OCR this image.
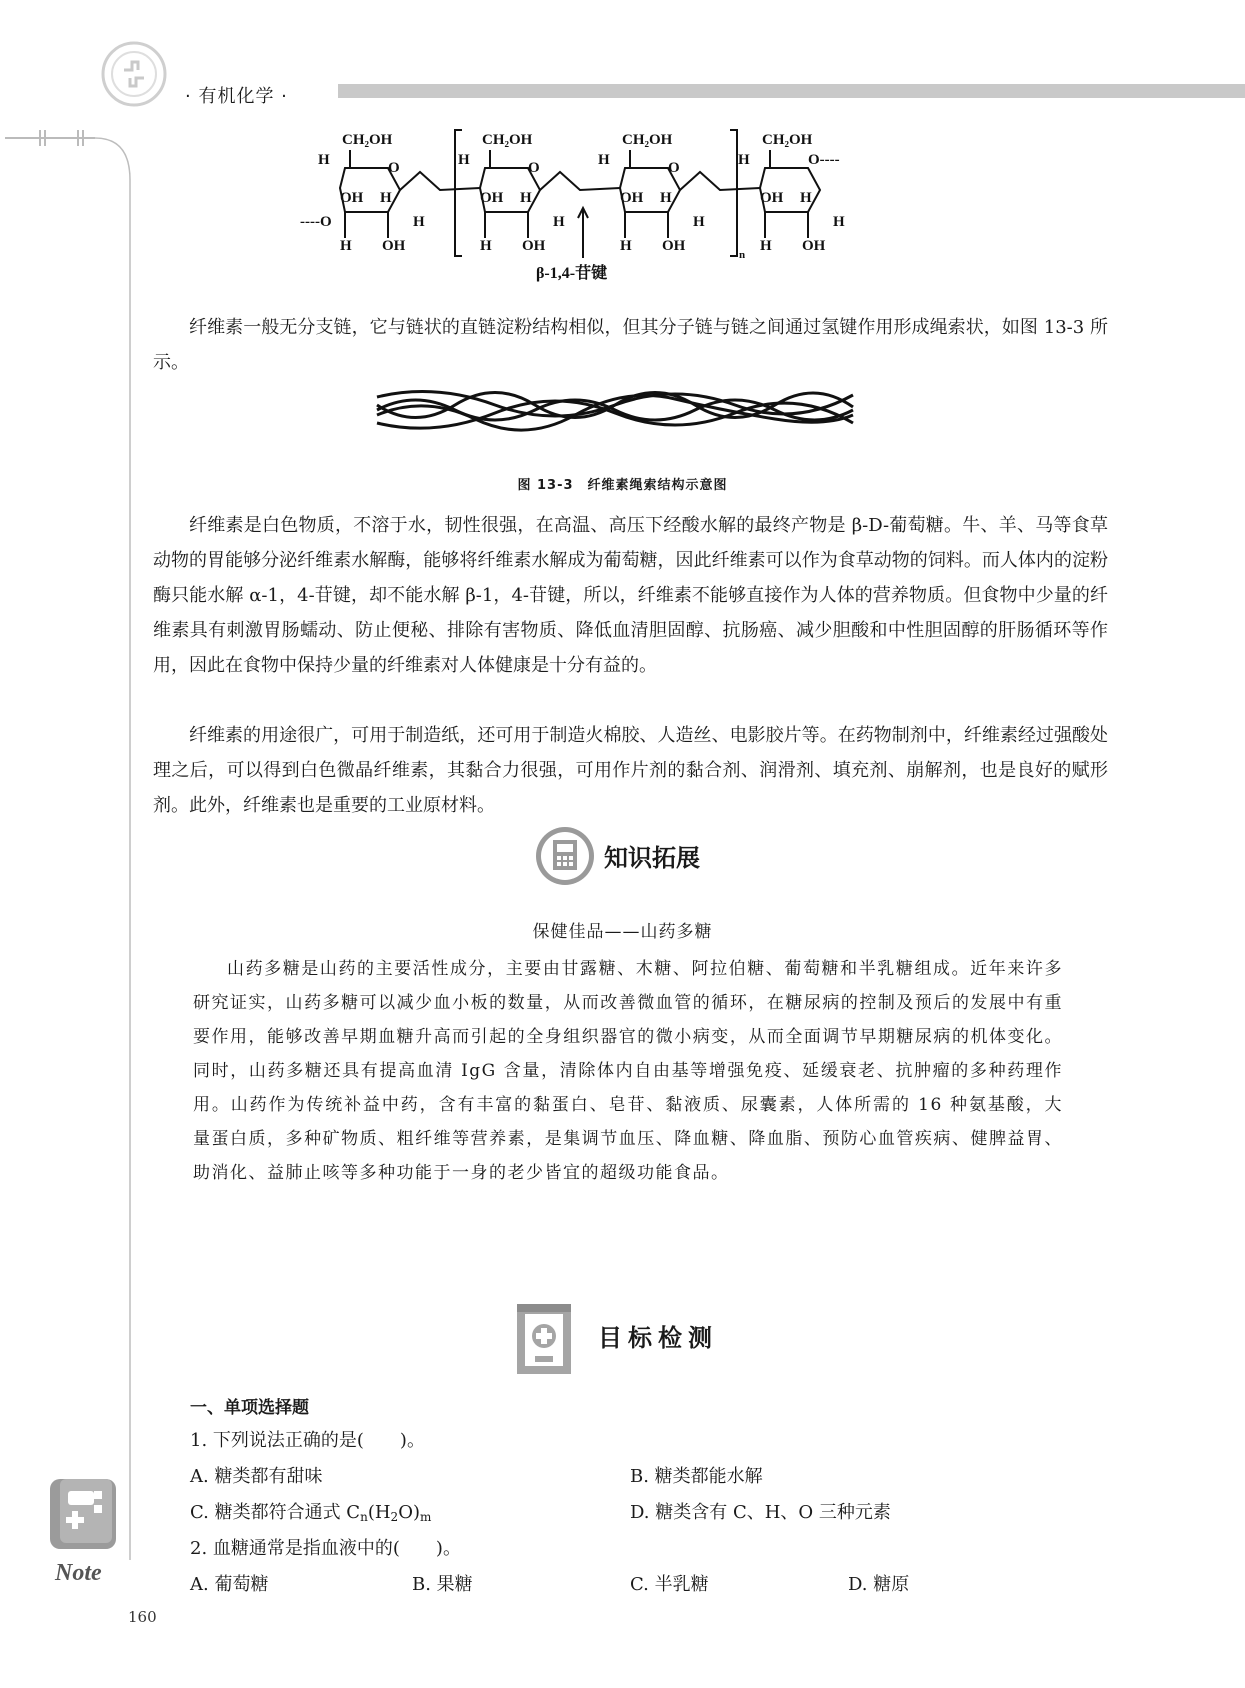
· 有机化学 ·
CH₂OH	CH₂OH	CH₂OH	CH₂OH
H	H	H	H
O	O	O	O----
----O
OH	OH	OH	OH
H	H	H	H
H	H	H	H
H	H	H	H
OH	OH	OH	OH
n
β-1,4-苷键

纤维素一般无分支链，它与链状的直链淀粉结构相似，但其分子链与链之间通过氢键作用形成绳索状，如图 13-3 所示。

图 13-3　纤维素绳索结构示意图

纤维素是白色物质，不溶于水，韧性很强，在高温、高压下经酸水解的最终产物是 β-D-葡萄糖。牛、羊、马等食草动物的胃能够分泌纤维素水解酶，能够将纤维素水解成为葡萄糖，因此纤维素可以作为食草动物的饲料。而人体内的淀粉酶只能水解 α-1，4-苷键，却不能水解 β-1，4-苷键，所以，纤维素不能够直接作为人体的营养物质。但食物中少量的纤维素具有刺激胃肠蠕动、防止便秘、排除有害物质、降低血清胆固醇、抗肠癌、减少胆酸和中性胆固醇的肝肠循环等作用，因此在食物中保持少量的纤维素对人体健康是十分有益的。

纤维素的用途很广，可用于制造纸，还可用于制造火棉胶、人造丝、电影胶片等。在药物制剂中，纤维素经过强酸处理之后，可以得到白色微晶纤维素，其黏合力很强，可用作片剂的黏合剂、润滑剂、填充剂、崩解剂，也是良好的赋形剂。此外，纤维素也是重要的工业原材料。

知识拓展
保健佳品——山药多糖

山药多糖是山药的主要活性成分，主要由甘露糖、木糖、阿拉伯糖、葡萄糖和半乳糖组成。近年来许多研究证实，山药多糖可以减少血小板的数量，从而改善微血管的循环，在糖尿病的控制及预后的发展中有重要作用，能够改善早期血糖升高而引起的全身组织器官的微小病变，从而全面调节早期糖尿病的机体变化。同时，山药多糖还具有提高血清 IgG 含量，清除体内自由基等增强免疫、延缓衰老、抗肿瘤的多种药理作用。山药作为传统补益中药，含有丰富的黏蛋白、皂苷、黏液质、尿囊素，人体所需的 16 种氨基酸，大量蛋白质，多种矿物质、粗纤维等营养素，是集调节血压、降血糖、降血脂、预防心血管疾病、健脾益胃、助消化、益肺止咳等多种功能于一身的老少皆宜的超级功能食品。

目标检测
一、单项选择题
1. 下列说法正确的是(　　)。
A. 糖类都有甜味	B. 糖类都能水解
C. 糖类都符合通式 $C_n(H_2O)_m$	D. 糖类含有 C、H、O 三种元素
2. 血糖通常是指血液中的(　　)。
A. 葡萄糖	B. 果糖	C. 半乳糖	D. 糖原
Note
160
